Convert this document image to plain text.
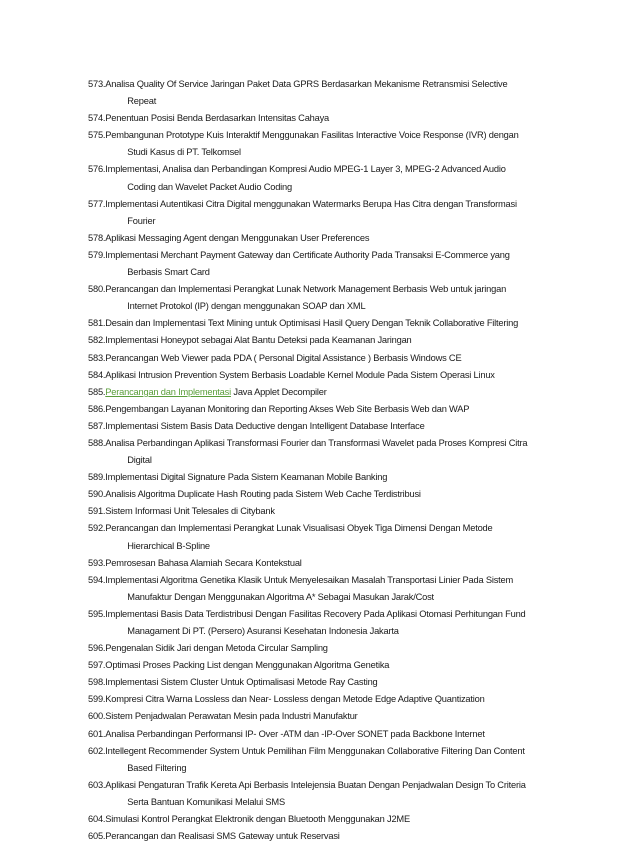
573. Analisa Quality Of Service Jaringan Paket Data GPRS Berdasarkan Mekanisme Retransmisi Selective
Repeat
574. Penentuan Posisi Benda Berdasarkan Intensitas Cahaya
575. Pembangunan Prototype Kuis Interaktif Menggunakan Fasilitas Interactive Voice Response (IVR) dengan
Studi Kasus di PT. Telkomsel
576. Implementasi, Analisa dan Perbandingan Kompresi Audio MPEG-1 Layer 3, MPEG-2 Advanced Audio
Coding dan Wavelet Packet Audio Coding
577. Implementasi Autentikasi Citra Digital menggunakan Watermarks Berupa Has Citra dengan Transformasi
Fourier
578. Aplikasi Messaging Agent dengan Menggunakan User Preferences
579. Implementasi Merchant Payment Gateway dan Certificate Authority Pada Transaksi E-Commerce yang
Berbasis Smart Card
580. Perancangan dan Implementasi Perangkat Lunak Network Management Berbasis Web untuk jaringan
Internet Protokol (IP) dengan menggunakan SOAP dan XML
581. Desain dan Implementasi Text Mining untuk Optimisasi Hasil Query Dengan Teknik Collaborative Filtering
582. Implementasi Honeypot sebagai Alat Bantu Deteksi pada Keamanan Jaringan
583. Perancangan Web Viewer pada PDA ( Personal Digital Assistance ) Berbasis Windows CE
584. Aplikasi Intrusion Prevention System Berbasis Loadable Kernel Module Pada Sistem Operasi Linux
585. Perancangan dan Implementasi Java Applet Decompiler
586. Pengembangan Layanan Monitoring dan Reporting Akses Web Site Berbasis Web dan WAP
587. Implementasi Sistem Basis Data Deductive dengan Intelligent Database Interface
588. Analisa Perbandingan Aplikasi Transformasi Fourier dan Transformasi Wavelet pada Proses Kompresi Citra
Digital
589. Implementasi Digital Signature Pada Sistem Keamanan Mobile Banking
590. Analisis Algoritma Duplicate Hash Routing pada Sistem Web Cache Terdistribusi
591. Sistem Informasi Unit Telesales di Citybank
592. Perancangan dan Implementasi Perangkat Lunak Visualisasi Obyek Tiga Dimensi Dengan Metode
Hierarchical B-Spline
593. Pemrosesan Bahasa Alamiah Secara Kontekstual
594. Implementasi Algoritma Genetika Klasik Untuk Menyelesaikan Masalah Transportasi Linier Pada Sistem
Manufaktur Dengan Menggunakan Algoritma A* Sebagai Masukan Jarak/Cost
595. Implementasi Basis Data Terdistribusi Dengan Fasilitas Recovery Pada Aplikasi Otomasi Perhitungan Fund
Managament Di PT. (Persero) Asuransi Kesehatan Indonesia Jakarta
596. Pengenalan Sidik Jari dengan Metoda Circular Sampling
597. Optimasi Proses Packing List dengan Menggunakan Algoritma Genetika
598. Implementasi Sistem Cluster Untuk Optimalisasi Metode Ray Casting
599. Kompresi Citra Warna Lossless dan Near- Lossless dengan Metode Edge Adaptive Quantization
600. Sistem Penjadwalan Perawatan Mesin pada Industri Manufaktur
601. Analisa Perbandingan Performansi IP- Over -ATM dan -IP-Over SONET pada Backbone Internet
602. Intellegent Recommender System Untuk Pemilihan Film Menggunakan Collaborative Filtering Dan Content
Based Filtering
603. Aplikasi Pengaturan Trafik Kereta Api Berbasis Intelejensia Buatan Dengan Penjadwalan Design To Criteria
Serta Bantuan Komunikasi Melalui SMS
604. Simulasi Kontrol Perangkat Elektronik dengan Bluetooth Menggunakan J2ME
605. Perancangan dan Realisasi SMS Gateway untuk Reservasi
